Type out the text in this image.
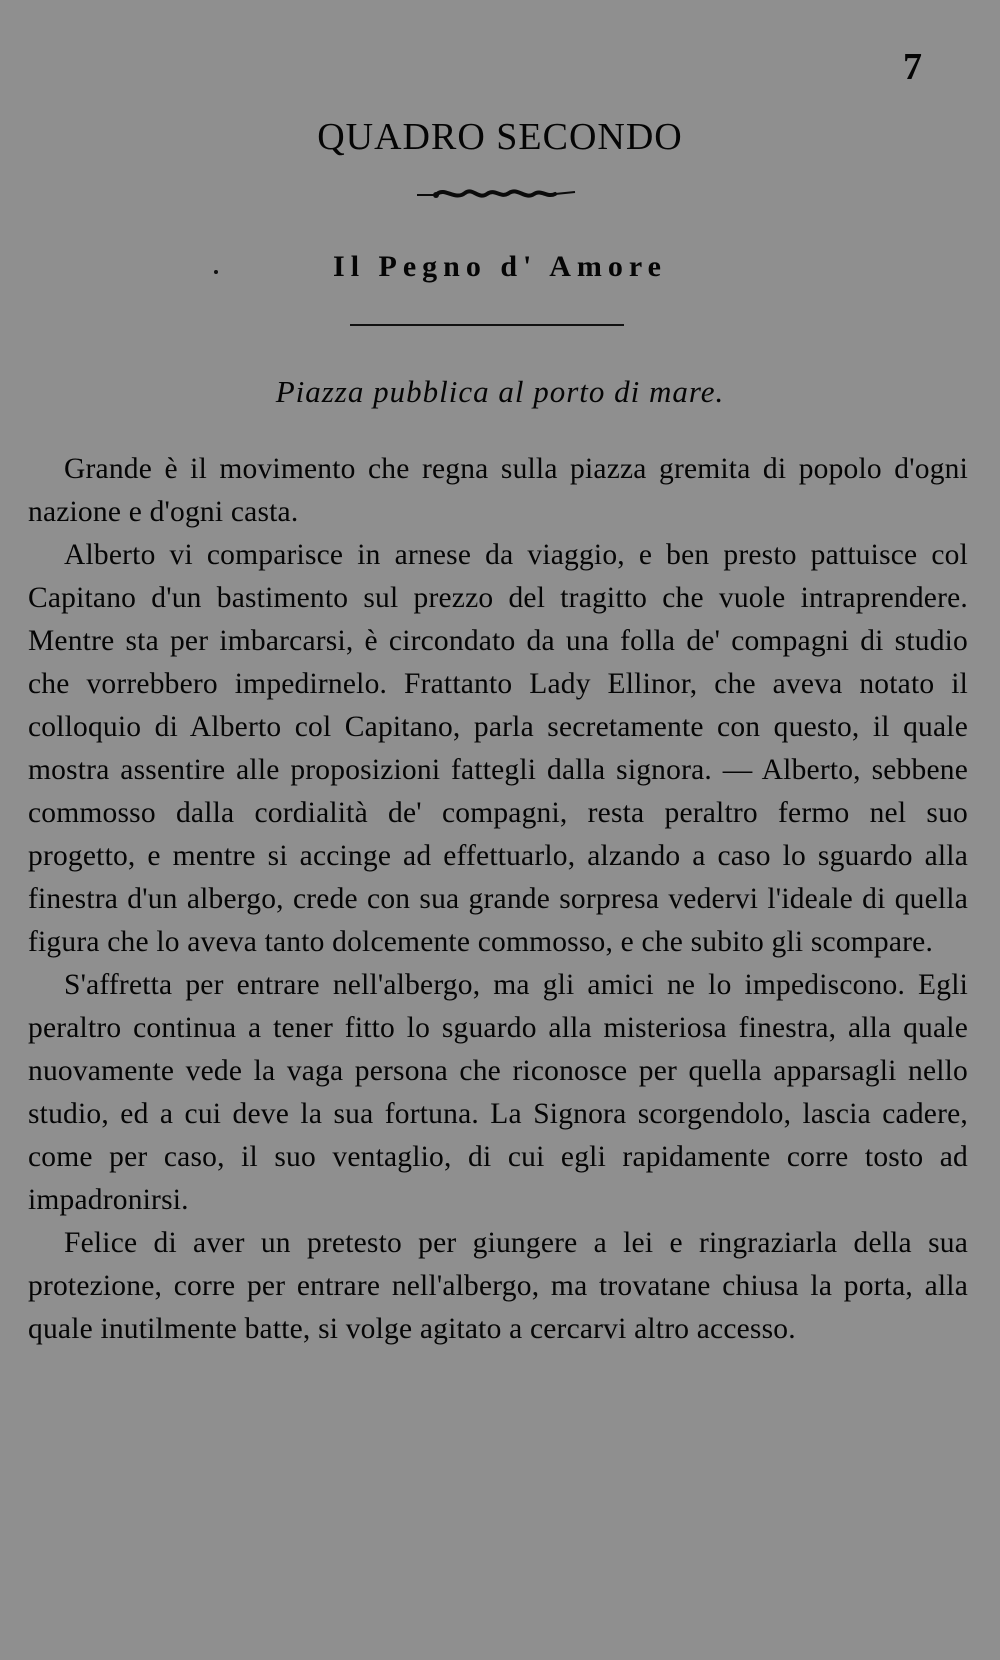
7
QUADRO SECONDO
Il Pegno d' Amore
Piazza pubblica al porto di mare.

Grande è il movimento che regna sulla piazza gremita di popolo d'ogni nazione e d'ogni casta.

Alberto vi comparisce in arnese da viaggio, e ben presto pattuisce col Capitano d'un bastimento sul prezzo del tragitto che vuole intraprendere. Mentre sta per imbarcarsi, è circondato da una folla de' compagni di studio che vorrebbero impedirnelo. Frattanto Lady Ellinor, che aveva notato il colloquio di Alberto col Capitano, parla secretamente con questo, il quale mostra assentire alle proposizioni fattegli dalla signora. — Alberto, sebbene commosso dalla cordialità de' compagni, resta peraltro fermo nel suo progetto, e mentre si accinge ad effettuarlo, alzando a caso lo sguardo alla finestra d'un albergo, crede con sua grande sorpresa vedervi l'ideale di quella figura che lo aveva tanto dolcemente commosso, e che subito gli scompare.

S'affretta per entrare nell'albergo, ma gli amici ne lo impediscono. Egli peraltro continua a tener fitto lo sguardo alla misteriosa finestra, alla quale nuovamente vede la vaga persona che riconosce per quella apparsagli nello studio, ed a cui deve la sua fortuna. La Signora scorgendolo, lascia cadere, come per caso, il suo ventaglio, di cui egli rapidamente corre tosto ad impadronirsi.

Felice di aver un pretesto per giungere a lei e ringraziarla della sua protezione, corre per entrare nell'albergo, ma trovatane chiusa la porta, alla quale inutilmente batte, si volge agitato a cercarvi altro accesso.
